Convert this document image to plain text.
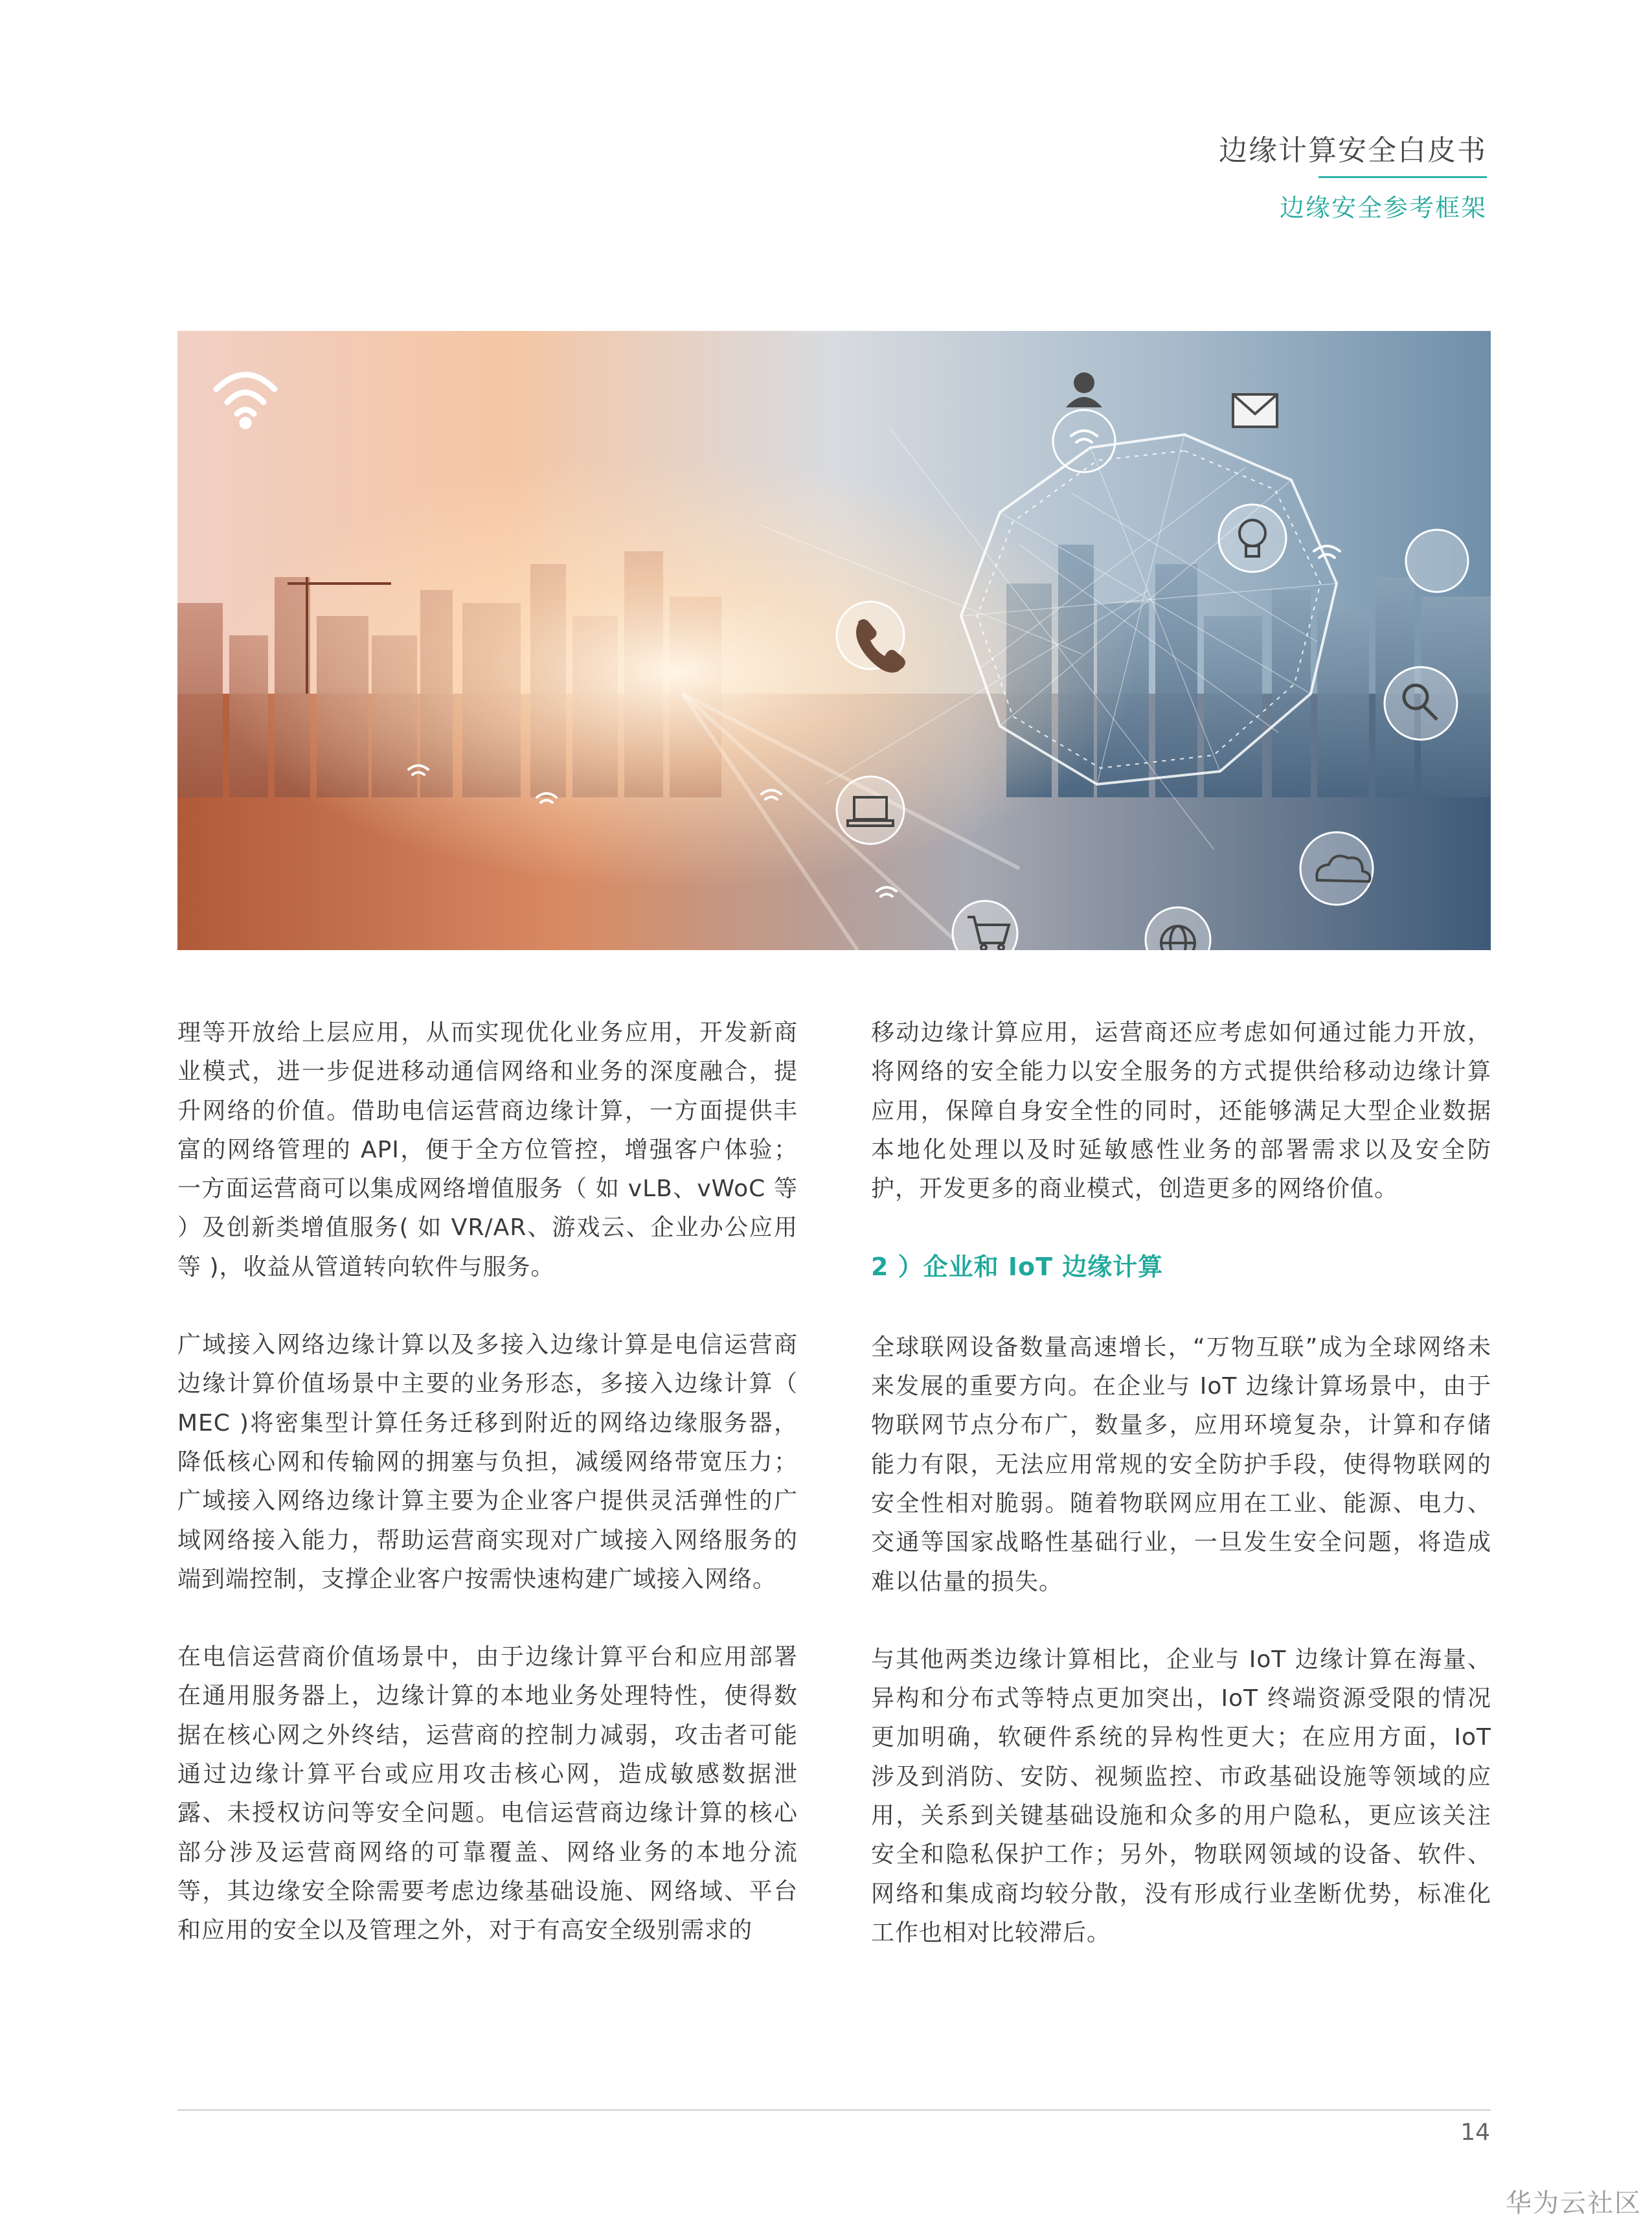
边缘计算安全白皮书
边缘安全参考框架

理等开放给上层应用，从而实现优化业务应用，开发新商业模式，进一步促进移动通信网络和业务的深度融合，提升网络的价值。借助电信运营商边缘计算，一方面提供丰富的网络管理的 API，便于全方位管控，增强客户体验；一方面运营商可以集成网络增值服务（ 如 vLB、vWoC 等 ）及创新类增值服务( 如 VR/AR、游戏云、企业办公应用等 )，收益从管道转向软件与服务。

广域接入网络边缘计算以及多接入边缘计算是电信运营商边缘计算价值场景中主要的业务形态，多接入边缘计算（ MEC )将密集型计算任务迁移到附近的网络边缘服务器，降低核心网和传输网的拥塞与负担，减缓网络带宽压力；广域接入网络边缘计算主要为企业客户提供灵活弹性的广域网络接入能力，帮助运营商实现对广域接入网络服务的端到端控制，支撑企业客户按需快速构建广域接入网络。

在电信运营商价值场景中，由于边缘计算平台和应用部署在通用服务器上，边缘计算的本地业务处理特性，使得数据在核心网之外终结，运营商的控制力减弱，攻击者可能通过边缘计算平台或应用攻击核心网，造成敏感数据泄露、未授权访问等安全问题。电信运营商边缘计算的核心部分涉及运营商网络的可靠覆盖、网络业务的本地分流等，其边缘安全除需要考虑边缘基础设施、网络域、平台和应用的安全以及管理之外，对于有高安全级别需求的

移动边缘计算应用，运营商还应考虑如何通过能力开放，将网络的安全能力以安全服务的方式提供给移动边缘计算应用，保障自身安全性的同时，还能够满足大型企业数据本地化处理以及时延敏感性业务的部署需求以及安全防护，开发更多的商业模式，创造更多的网络价值。

2 ）企业和 IoT 边缘计算

全球联网设备数量高速增长，“万物互联”成为全球网络未来发展的重要方向。在企业与 IoT 边缘计算场景中，由于物联网节点分布广，数量多，应用环境复杂，计算和存储能力有限，无法应用常规的安全防护手段，使得物联网的安全性相对脆弱。随着物联网应用在工业、能源、电力、交通等国家战略性基础行业，一旦发生安全问题，将造成难以估量的损失。

与其他两类边缘计算相比，企业与 IoT 边缘计算在海量、异构和分布式等特点更加突出，IoT 终端资源受限的情况更加明确，软硬件系统的异构性更大；在应用方面，IoT 涉及到消防、安防、视频监控、市政基础设施等领域的应用，关系到关键基础设施和众多的用户隐私，更应该关注安全和隐私保护工作；另外，物联网领域的设备、软件、网络和集成商均较分散，没有形成行业垄断优势，标准化工作也相对比较滞后。

14
华为云社区
